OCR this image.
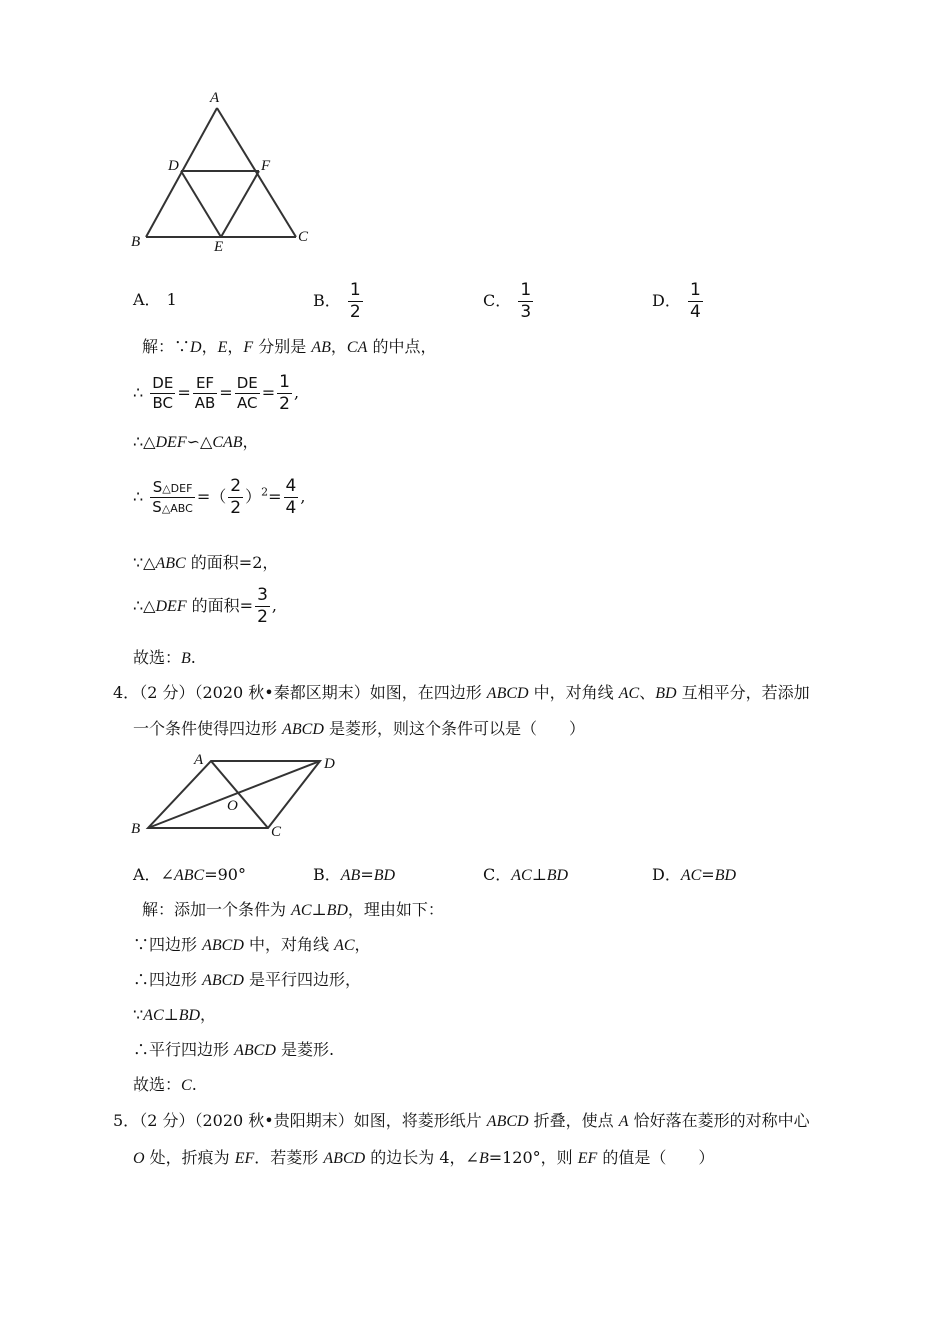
A
D	F
B	E
C
A． 1	B． $\frac{1}{2}$	C． $\frac{1}{3}$	D． $\frac{1}{4}$
解：∵D，E，F 分别是 AB，CA 的中点，
∴ $\frac{DE}{BC} = \frac{EF}{AB} = \frac{DE}{AC} = \frac{1}{2}$ ,
∴△DEF∽△CAB，
∴ $\frac{\text{S△DEF}}{\text{S△ABC}}$ =（ $\frac{2}{2} )^2= \frac{4}{4}$ ,
∵△ABC 的面积=2，
∴△DEF 的面积= $\frac{3}{2}$ ,
故选：B.
4．（2 分）（2020 秋•秦都区期末）如图，在四边形 ABCD 中，对角线 AC、BD 互相平分，若添加
一个条件使得四边形 ABCD 是菱形，则这个条件可以是（　　）
A	D
O
B	C
A．∠ABC=90°	B．AB=BD	C．AC⊥BD	D．AC=BD
解：添加一个条件为 AC⊥BD，理由如下：
∵四边形 ABCD 中，对角线 AC，
∴四边形 ABCD 是平行四边形，
∵AC⊥BD，
∴平行四边形 ABCD 是菱形.
故选：C.
5．（2 分）（2020 秋•贵阳期末）如图，将菱形纸片 ABCD 折叠，使点 A 恰好落在菱形的对称中心
O 处，折痕为 EF．若菱形 ABCD 的边长为 4，∠B=120°，则 EF 的值是（　　）
